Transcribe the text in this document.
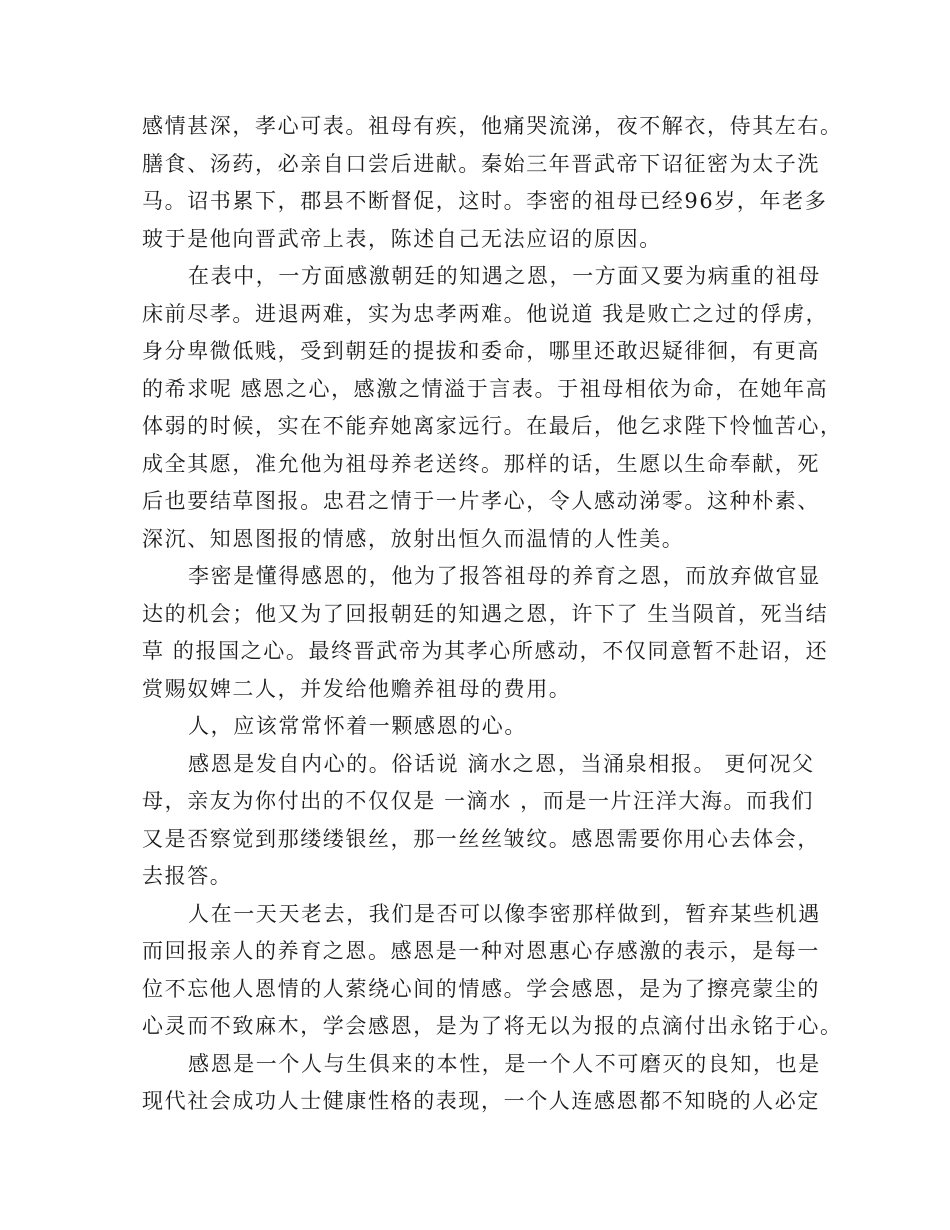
感情甚深，孝心可表。祖母有疾，他痛哭流涕，夜不解衣，侍其左右。
膳食、汤药，必亲自口尝后进献。秦始三年晋武帝下诏征密为太子洗
马。诏书累下，郡县不断督促，这时。李密的祖母已经96岁，年老多
玻于是他向晋武帝上表，陈述自己无法应诏的原因。
在表中，一方面感激朝廷的知遇之恩，一方面又要为病重的祖母
床前尽孝。进退两难，实为忠孝两难。他说道 我是败亡之过的俘虏，
身分卑微低贱，受到朝廷的提拔和委命，哪里还敢迟疑徘徊，有更高
的希求呢 感恩之心，感激之情溢于言表。于祖母相依为命，在她年高
体弱的时候，实在不能弃她离家远行。在最后，他乞求陛下怜恤苦心，
成全其愿，准允他为祖母养老送终。那样的话，生愿以生命奉献，死
后也要结草图报。忠君之情于一片孝心，令人感动涕零。这种朴素、
深沉、知恩图报的情感，放射出恒久而温情的人性美。
李密是懂得感恩的，他为了报答祖母的养育之恩，而放弃做官显
达的机会；他又为了回报朝廷的知遇之恩，许下了 生当陨首，死当结
草 的报国之心。最终晋武帝为其孝心所感动，不仅同意暂不赴诏，还
赏赐奴婢二人，并发给他赡养祖母的费用。
人，应该常常怀着一颗感恩的心。
感恩是发自内心的。俗话说 滴水之恩，当涌泉相报。 更何况父
母，亲友为你付出的不仅仅是 一滴水 ，而是一片汪洋大海。而我们
又是否察觉到那缕缕银丝，那一丝丝皱纹。感恩需要你用心去体会，
去报答。
人在一天天老去，我们是否可以像李密那样做到，暂弃某些机遇
而回报亲人的养育之恩。感恩是一种对恩惠心存感激的表示，是每一
位不忘他人恩情的人萦绕心间的情感。学会感恩，是为了擦亮蒙尘的
心灵而不致麻木，学会感恩，是为了将无以为报的点滴付出永铭于心。
感恩是一个人与生俱来的本性，是一个人不可磨灭的良知，也是
现代社会成功人士健康性格的表现，一个人连感恩都不知晓的人必定
